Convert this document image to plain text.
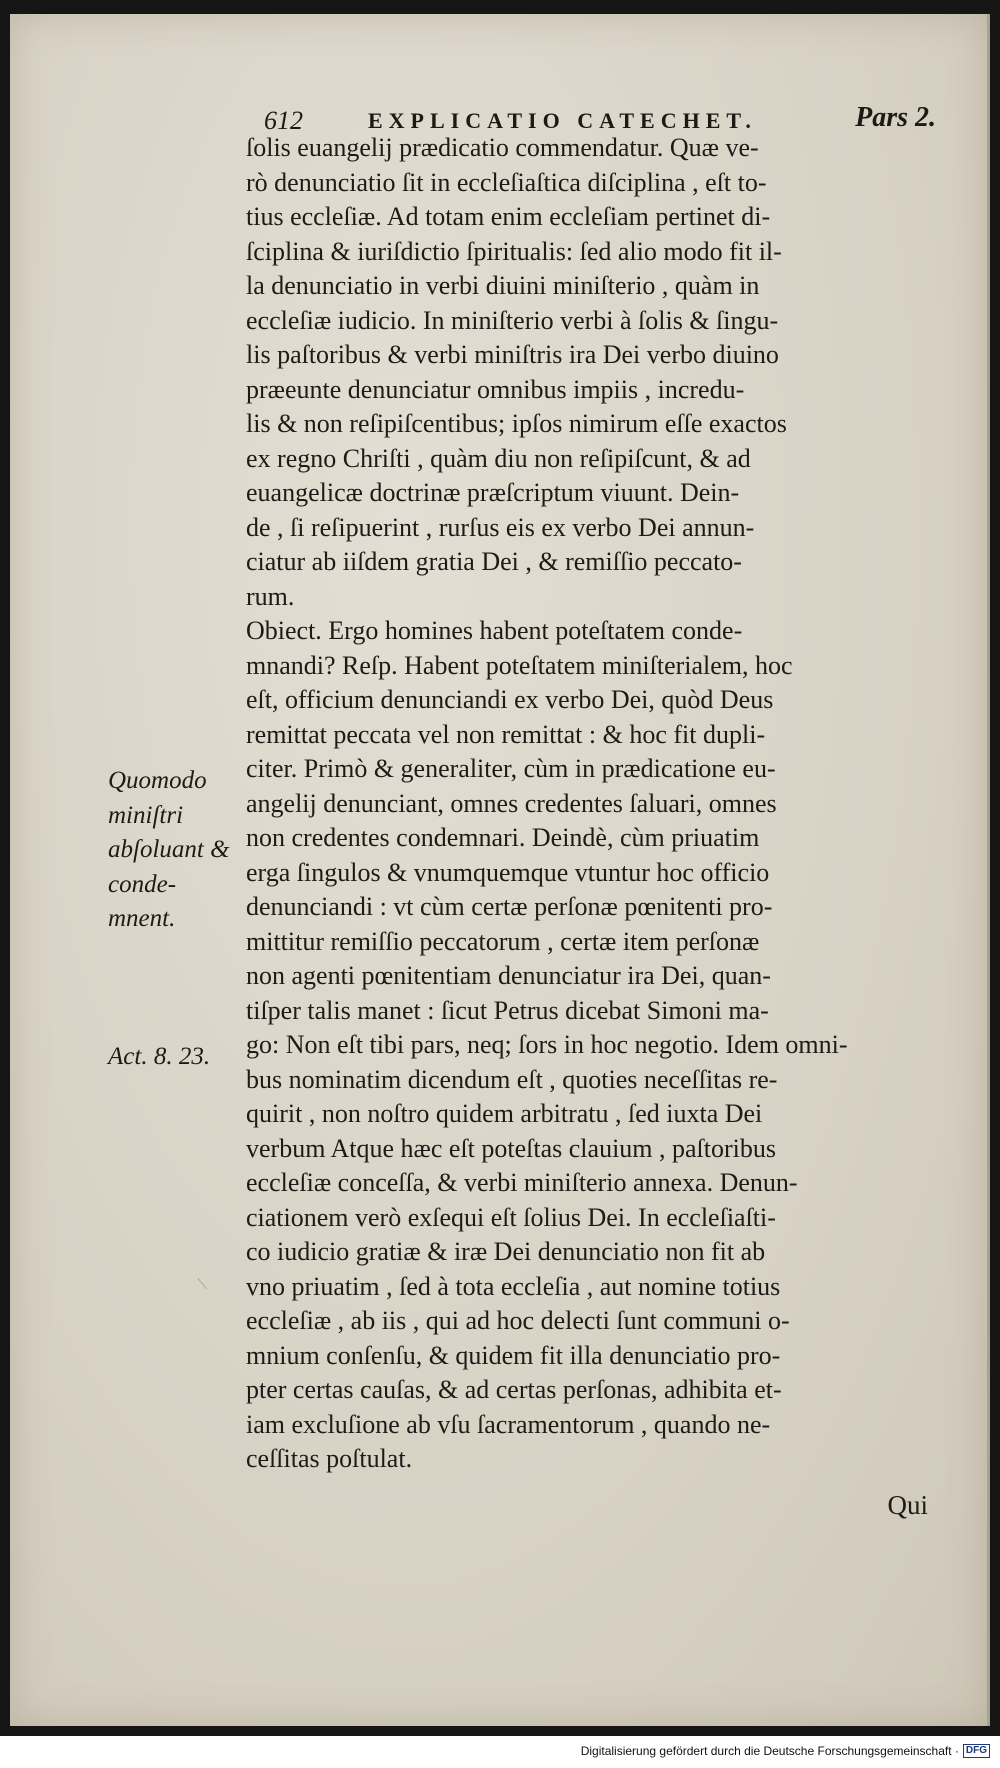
612	EXPLICATIO CATECHET.	Pars 2.
ſolis euangelij prædicatio commendatur. Quæ ve-
rò denunciatio ſit in eccleſiaſtica diſciplina , eſt to-
tius eccleſiæ. Ad totam enim eccleſiam pertinet di-
ſciplina & iuriſdictio ſpiritualis: ſed alio modo fit il-
la denunciatio in verbi diuini miniſterio , quàm in
eccleſiæ iudicio. In miniſterio verbi à ſolis & ſingu-
lis paſtoribus & verbi miniſtris ira Dei verbo diuino
præeunte denunciatur omnibus impiis , incredu-
lis & non reſipiſcentibus; ipſos nimirum eſſe exactos
ex regno Chriſti , quàm diu non reſipiſcunt, & ad
euangelicæ doctrinæ præſcriptum viuunt. Dein-
de , ſi reſipuerint , rurſus eis ex verbo Dei annun-
ciatur ab iiſdem gratia Dei , & remiſſio peccato-
rum.
Obiect. Ergo homines habent poteſtatem conde-
mnandi? Reſp. Habent poteſtatem miniſterialem, hoc
eſt, officium denunciandi ex verbo Dei, quòd Deus
remittat peccata vel non remittat : & hoc fit dupli-
citer. Primò & generaliter, cùm in prædicatione eu-
angelij denunciant, omnes credentes ſaluari, omnes
non credentes condemnari. Deindè, cùm priuatim
erga ſingulos & vnumquemque vtuntur hoc officio
denunciandi : vt cùm certæ perſonæ pœnitenti pro-
mittitur remiſſio peccatorum , certæ item perſonæ
non agenti pœnitentiam denunciatur ira Dei, quan-
tiſper talis manet : ſicut Petrus dicebat Simoni ma-
go: Non eſt tibi pars, neq; ſors in hoc negotio. Idem omni-
bus nominatim dicendum eſt , quoties neceſſitas re-
quirit , non noſtro quidem arbitratu , ſed iuxta Dei
verbum Atque hæc eſt poteſtas clauium , paſtoribus
eccleſiæ conceſſa, & verbi miniſterio annexa. Denun-
ciationem verò exſequi eſt ſolius Dei. In eccleſiaſti-
co iudicio gratiæ & iræ Dei denunciatio non fit ab
vno priuatim , ſed à tota eccleſia , aut nomine totius
eccleſiæ , ab iis , qui ad hoc delecti ſunt communi o-
mnium conſenſu, & quidem fit illa denunciatio pro-
pter certas cauſas, & ad certas perſonas, adhibita et-
iam excluſione ab vſu ſacramentorum , quando ne-
ceſſitas poſtulat.
Quomodo miniſtri abſoluant & conde-mnent.
Act. 8. 23.
Qui
Digitalisierung gefördert durch die Deutsche Forschungsgemeinschaft · DFG
